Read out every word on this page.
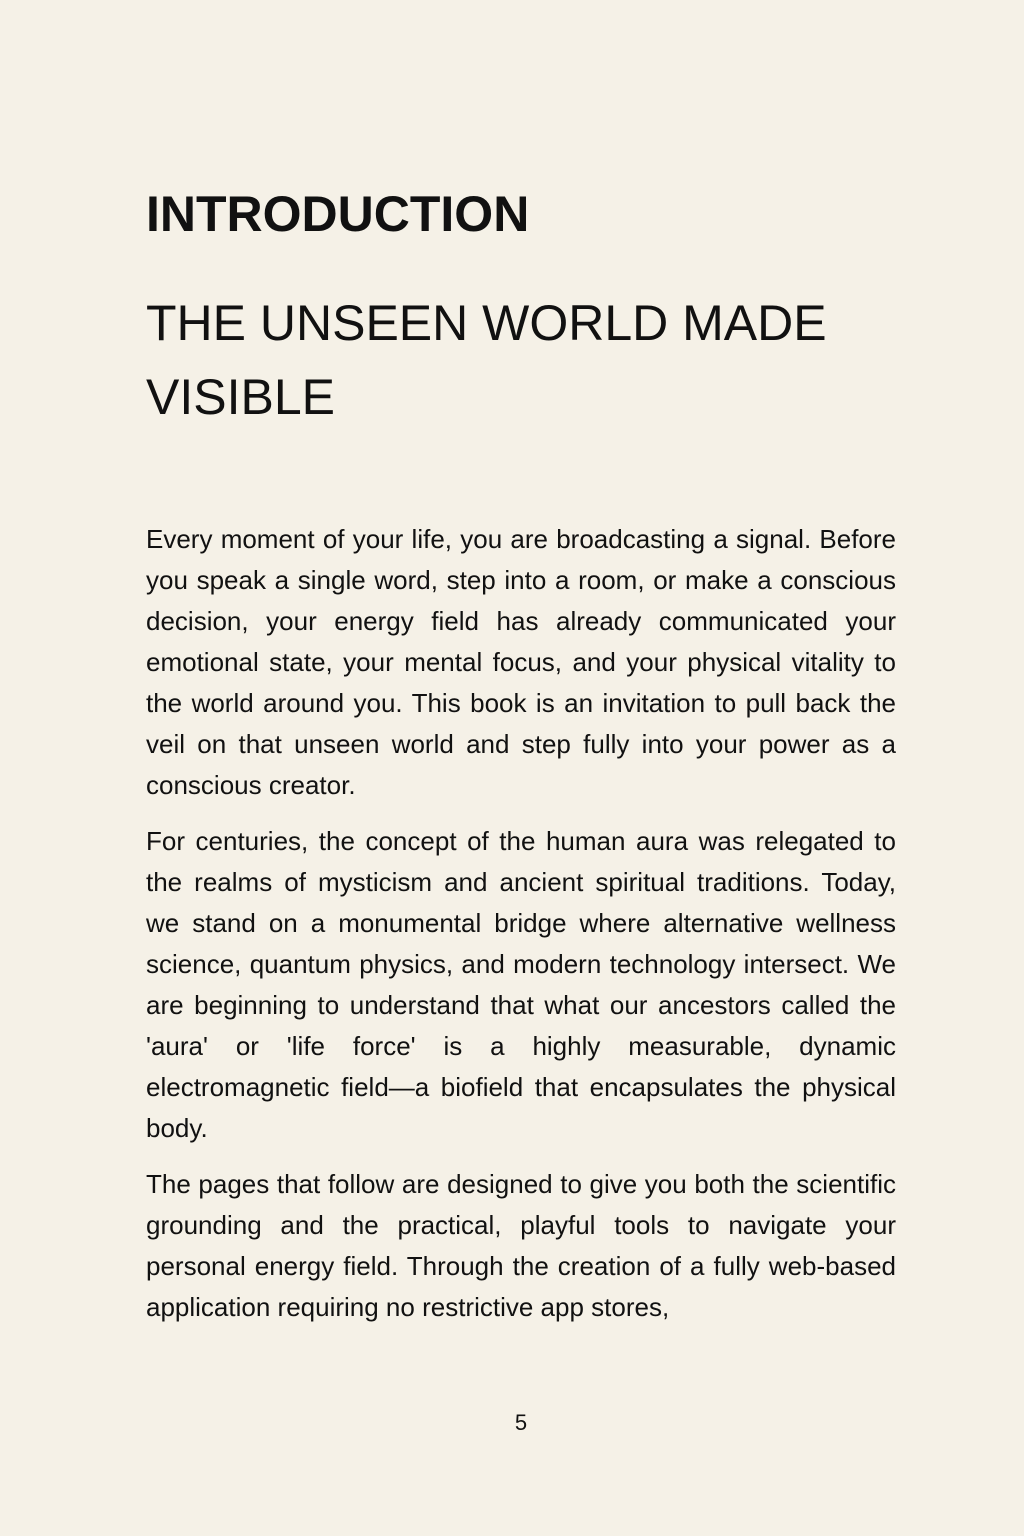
INTRODUCTION
THE UNSEEN WORLD MADE VISIBLE

Every moment of your life, you are broadcasting a signal. Before you speak a single word, step into a room, or make a conscious decision, your energy field has already communicated your emotional state, your mental focus, and your physical vitality to the world around you. This book is an invitation to pull back the veil on that unseen world and step fully into your power as a conscious creator.

For centuries, the concept of the human aura was relegated to the realms of mysticism and ancient spiritual traditions. Today, we stand on a monumental bridge where alternative wellness science, quantum physics, and modern technology intersect. We are beginning to understand that what our ancestors called the 'aura' or 'life force' is a highly measurable, dynamic electromagnetic field—a biofield that encapsulates the physical body.

The pages that follow are designed to give you both the scientific grounding and the practical, playful tools to navigate your personal energy field. Through the creation of a fully web-based application requiring no restrictive app stores,

5
